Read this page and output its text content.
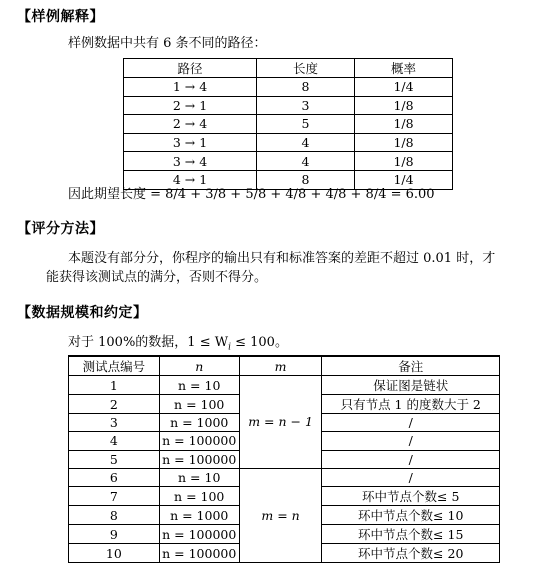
【样例解释】
样例数据中共有 6 条不同的路径：
路径	长度	概率
1 → 4	8	1/4
2 → 1	3	1/8
2 → 4	5	1/8
3 → 1	4	1/8
3 → 4	4	1/8
4 → 1	8	1/4
因此期望长度 = 8/4 + 3/8 + 5/8 + 4/8 + 4/8 + 8/4 = 6.00
【评分方法】
本题没有部分分，你程序的输出只有和标准答案的差距不超过 0.01 时，才
能获得该测试点的满分，否则不得分。
【数据规模和约定】
对于 100%的数据，$1 \le W_i \le 100$。
测试点编号	n	m	备注
1	n = 10	m = n − 1	保证图是链状
2	n = 100		只有节点 1 的度数大于 2
3	n = 1000		/
4	n = 100000		/
5	n = 100000		/
6	n = 10	m = n	/
7	n = 100		环中节点个数≤ 5
8	n = 1000		环中节点个数≤ 10
9	n = 100000		环中节点个数≤ 15
10	n = 100000		环中节点个数≤ 20
